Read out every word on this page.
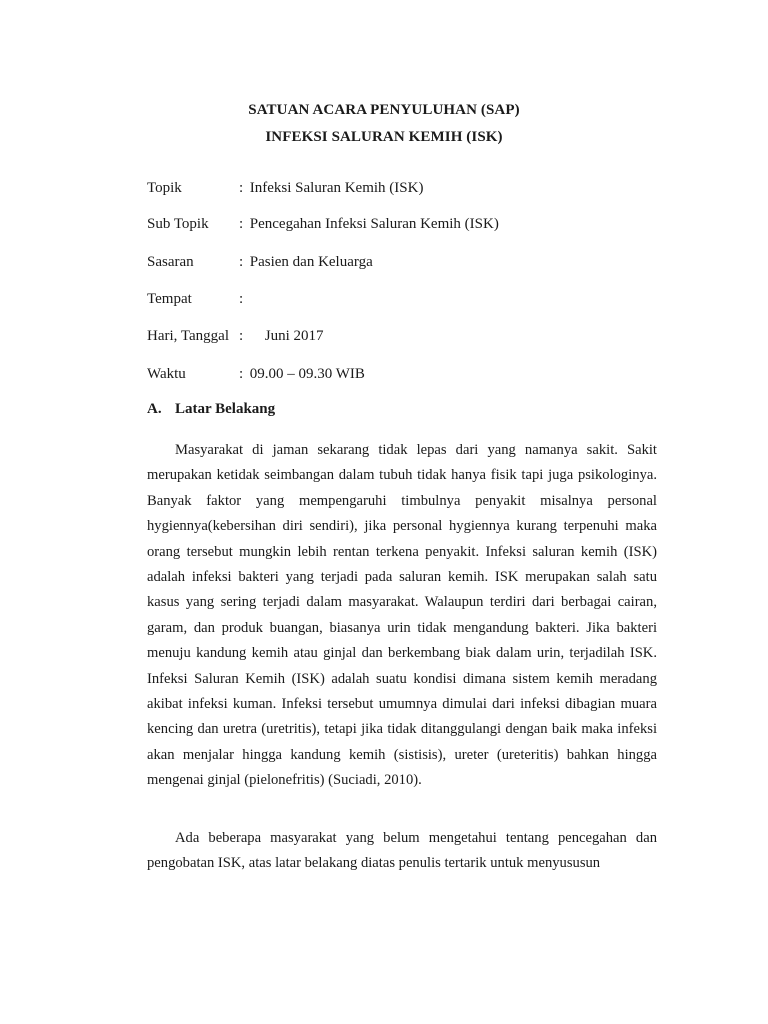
SATUAN ACARA PENYULUHAN (SAP)
INFEKSI SALURAN KEMIH (ISK)
Topik	: Infeksi Saluran Kemih (ISK)
Sub Topik : Pencegahan Infeksi Saluran Kemih (ISK)
Sasaran	: Pasien dan Keluarga
Tempat	:
Hari, Tanggal : Juni 2017
Waktu	: 09.00 – 09.30 WIB
A. Latar Belakang

Masyarakat di jaman sekarang tidak lepas dari yang namanya sakit. Sakit merupakan ketidak seimbangan dalam tubuh tidak hanya fisik tapi juga psikologinya. Banyak faktor yang mempengaruhi timbulnya penyakit misalnya personal hygiennya(kebersihan diri sendiri), jika personal hygiennya kurang terpenuhi maka orang tersebut mungkin lebih rentan terkena penyakit. Infeksi saluran kemih (ISK) adalah infeksi bakteri yang terjadi pada saluran kemih. ISK merupakan salah satu kasus yang sering terjadi dalam masyarakat. Walaupun terdiri dari berbagai cairan, garam, dan produk buangan, biasanya urin tidak mengandung bakteri. Jika bakteri menuju kandung kemih atau ginjal dan berkembang biak dalam urin, terjadilah ISK. Infeksi Saluran Kemih (ISK) adalah suatu kondisi dimana sistem kemih meradang akibat infeksi kuman. Infeksi tersebut umumnya dimulai dari infeksi dibagian muara kencing dan uretra (uretritis), tetapi jika tidak ditanggulangi dengan baik maka infeksi akan menjalar hingga kandung kemih (sistisis), ureter (ureteritis) bahkan hingga mengenai ginjal (pielonefritis) (Suciadi, 2010).

Ada beberapa masyarakat yang belum mengetahui tentang pencegahan dan pengobatan ISK, atas latar belakang diatas penulis tertarik untuk menyususun
